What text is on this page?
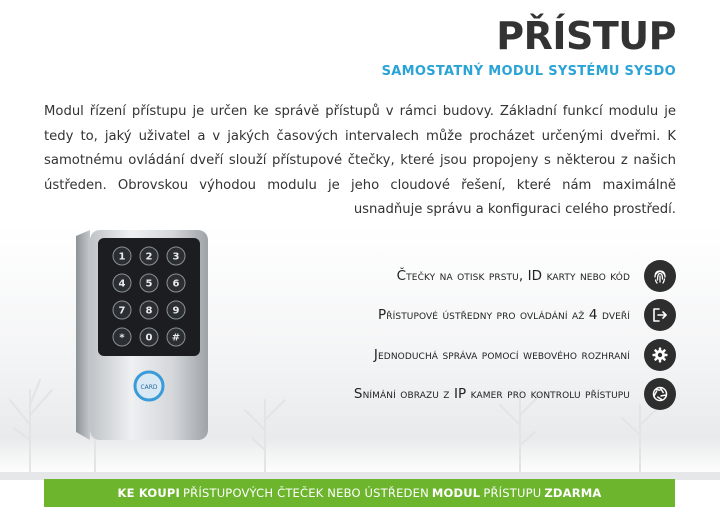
PŘÍSTUP
SAMOSTATNÝ MODUL SYSTÉMU SYSDO

Modul řízení přístupu je určen ke správě přístupů v rámci budovy. Základní funkcí modulu je tedy to, jaký uživatel a v jakých časových intervalech může procházet určenými dveřmi. K samotnému ovládání dveří slouží přístupové čtečky, které jsou propojeny s některou z našich ústředen. Obrovskou výhodou modulu je jeho cloudové řešení, které nám maximálně usnadňuje správu a konfiguraci celého prostředí.

1 2 3
4 5 6
7 8 9
* 0 #
CARD
Čtečky na otisk prstu, ID karty nebo kód
Přístupové ústředny pro ovládání až 4 dveří
Jednoduchá správa pomocí webového rozhraní
Snímání obrazu z IP kamer pro kontrolu přístupu
KE KOUPI PŘÍSTUPOVÝCH ČTEČEK NEBO ÚSTŘEDEN MODUL PŘÍSTUPU ZDARMA
